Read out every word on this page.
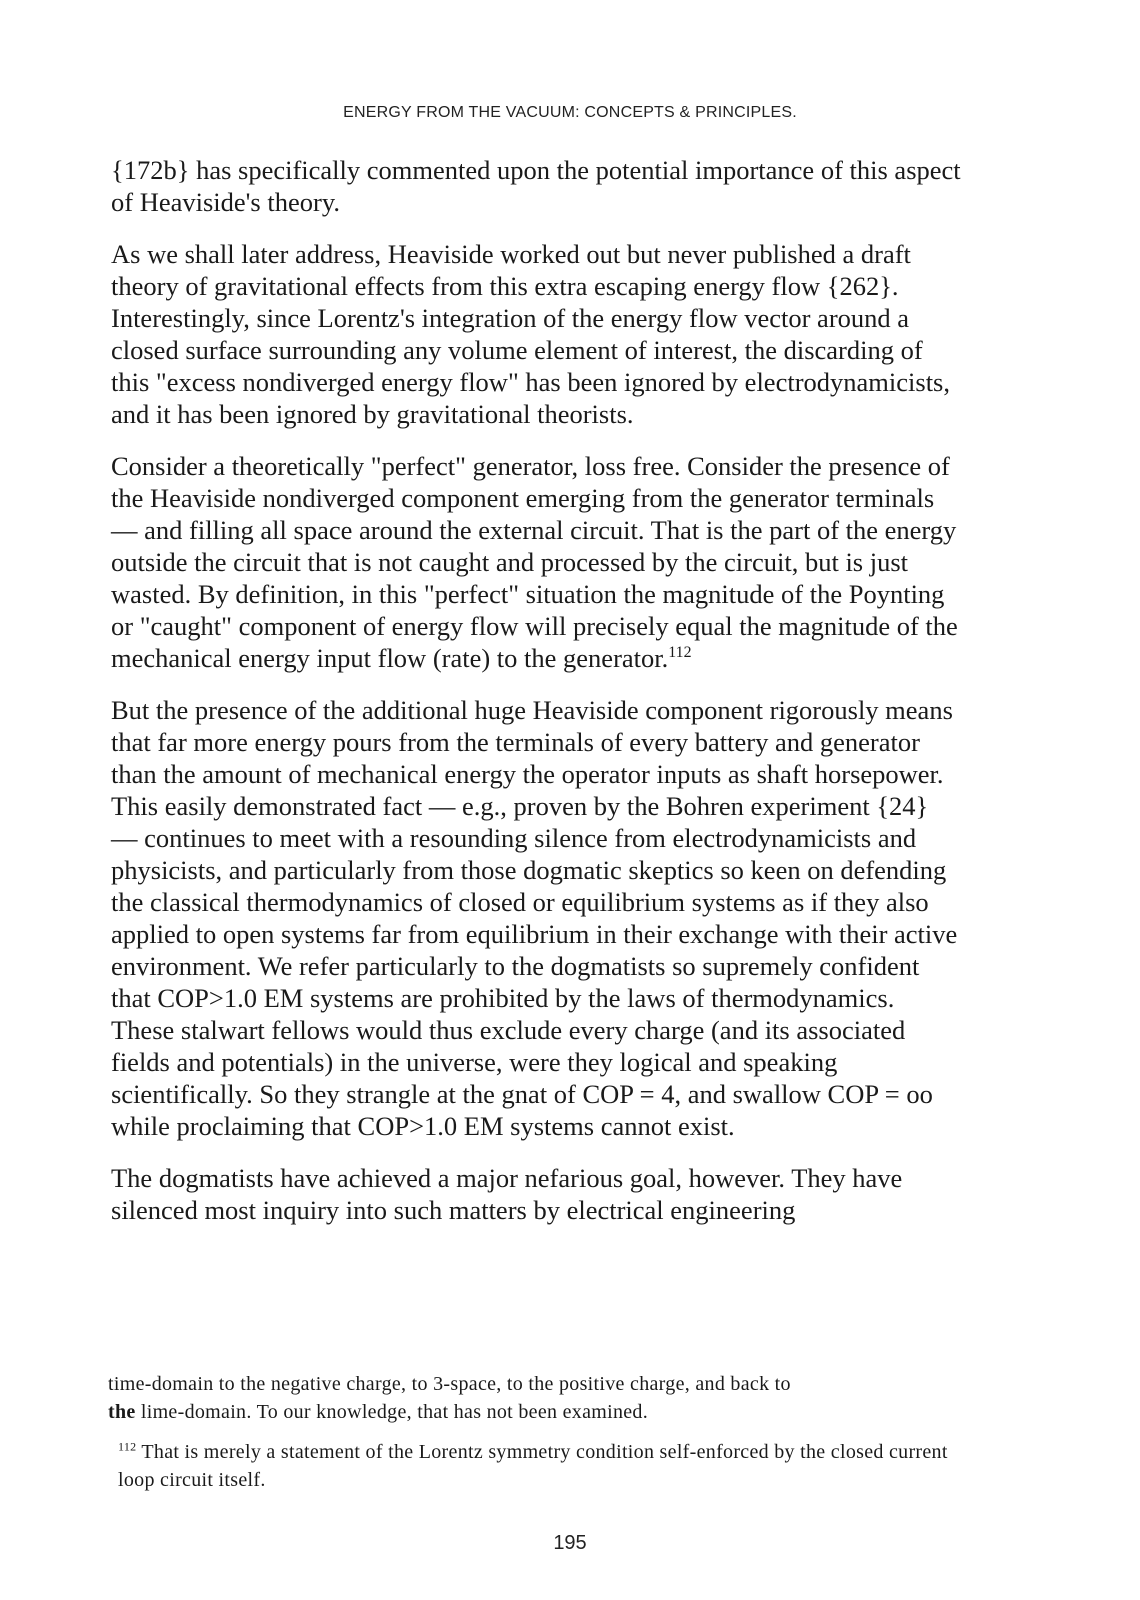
ENERGY FROM THE VACUUM: CONCEPTS & PRINCIPLES.

{172b} has specifically commented upon the potential importance of this aspect of Heaviside's theory.

As we shall later address, Heaviside worked out but never published a draft theory of gravitational effects from this extra escaping energy flow {262}. Interestingly, since Lorentz's integration of the energy flow vector around a closed surface surrounding any volume element of interest, the discarding of this "excess nondiverged energy flow" has been ignored by electrodynamicists, and it has been ignored by gravitational theorists.

Consider a theoretically "perfect" generator, loss free. Consider the presence of the Heaviside nondiverged component emerging from the generator terminals — and filling all space around the external circuit. That is the part of the energy outside the circuit that is not caught and processed by the circuit, but is just wasted. By definition, in this "perfect" situation the magnitude of the Poynting or "caught" component of energy flow will precisely equal the magnitude of the mechanical energy input flow (rate) to the generator.$^{112}$

But the presence of the additional huge Heaviside component rigorously means that far more energy pours from the terminals of every battery and generator than the amount of mechanical energy the operator inputs as shaft horsepower. This easily demonstrated fact — e.g., proven by the Bohren experiment {24} — continues to meet with a resounding silence from electrodynamicists and physicists, and particularly from those dogmatic skeptics so keen on defending the classical thermodynamics of closed or equilibrium systems as if they also applied to open systems far from equilibrium in their exchange with their active environment. We refer particularly to the dogmatists so supremely confident that COP>1.0 EM systems are prohibited by the laws of thermodynamics. These stalwart fellows would thus exclude every charge (and its associated fields and potentials) in the universe, were they logical and speaking scientifically. So they strangle at the gnat of COP = 4, and swallow COP = oo while proclaiming that COP>1.0 EM systems cannot exist.

The dogmatists have achieved a major nefarious goal, however. They have silenced most inquiry into such matters by electrical engineering

time-domain to the negative charge, to 3-space, to the positive charge, and back to
the lime-domain. To our knowledge, that has not been examined.

$^{112}$ That is merely a statement of the Lorentz symmetry condition self-enforced by the closed current loop circuit itself.

195
